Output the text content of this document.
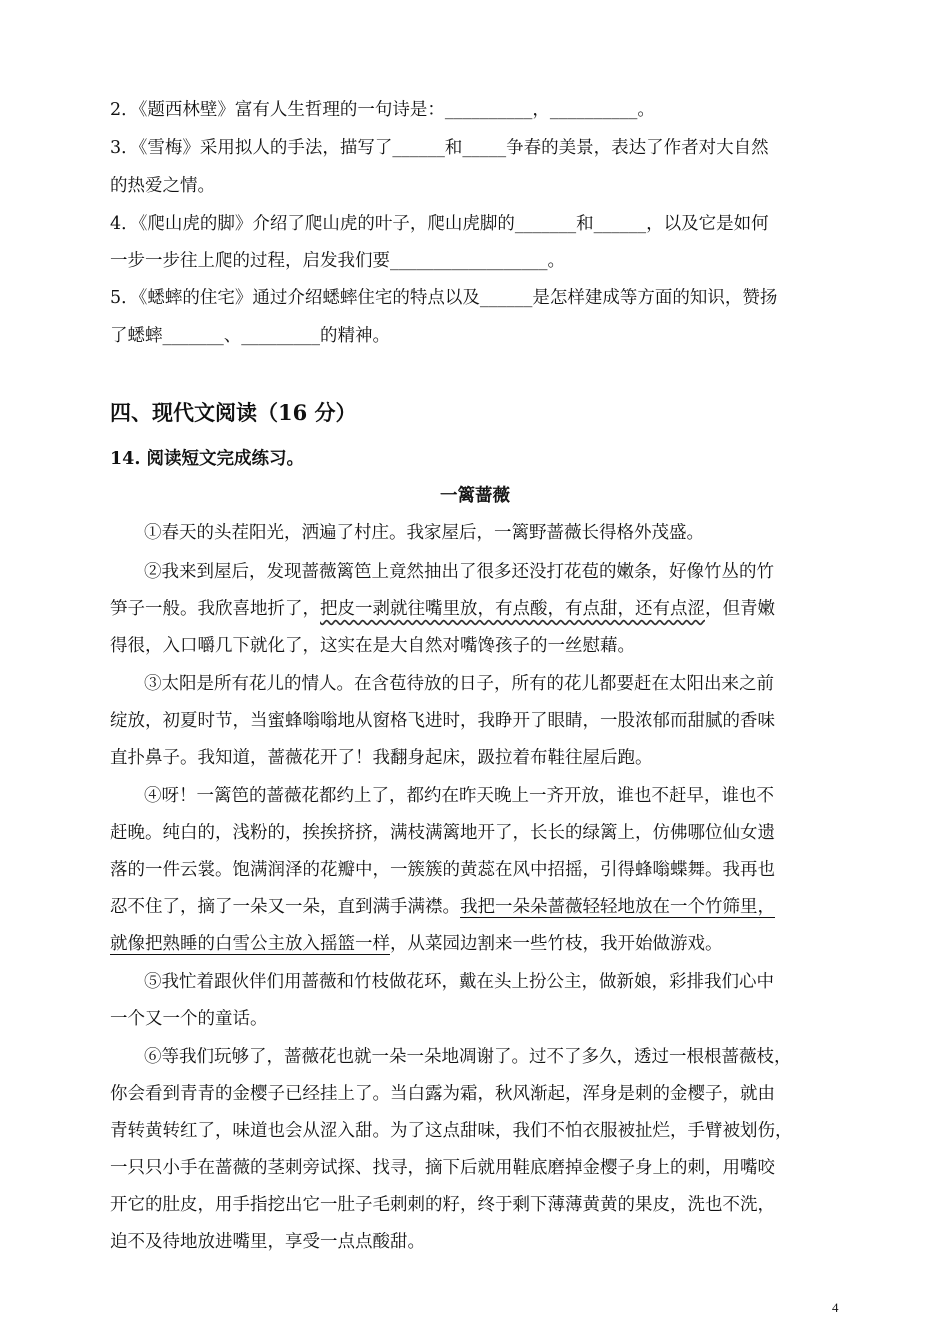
2．《题西林壁》富有人生哲理的一句诗是：__________，__________。
3．《雪梅》采用拟人的手法，描写了______和_____争春的美景，表达了作者对大自然
的热爱之情。
4．《爬山虎的脚》介绍了爬山虎的叶子，爬山虎脚的_______和______，以及它是如何
一步一步往上爬的过程，启发我们要__________________。
5．《蟋蟀的住宅》通过介绍蟋蟀住宅的特点以及______是怎样建成等方面的知识，赞扬
了蟋蟀_______、_________的精神。
四、现代文阅读（16 分）
14. 阅读短文完成练习。
一篱蔷薇
①春天的头茬阳光，洒遍了村庄。我家屋后，一篱野蔷薇长得格外茂盛。
②我来到屋后，发现蔷薇篱笆上竟然抽出了很多还没打花苞的嫩条，好像竹丛的竹
笋子一般。我欣喜地折了，把皮一剥就往嘴里放，有点酸，有点甜，还有点涩，但青嫩
得很，入口嚼几下就化了，这实在是大自然对嘴馋孩子的一丝慰藉。
③太阳是所有花儿的情人。在含苞待放的日子，所有的花儿都要赶在太阳出来之前
绽放，初夏时节，当蜜蜂嗡嗡地从窗格飞进时，我睁开了眼睛，一股浓郁而甜腻的香味
直扑鼻子。我知道，蔷薇花开了！我翻身起床，趿拉着布鞋往屋后跑。
④呀！一篱笆的蔷薇花都约上了，都约在昨天晚上一齐开放，谁也不赶早，谁也不
赶晚。纯白的，浅粉的，挨挨挤挤，满枝满篱地开了，长长的绿篱上，仿佛哪位仙女遗
落的一件云裳。饱满润泽的花瓣中，一簇簇的黄蕊在风中招摇，引得蜂嗡蝶舞。我再也
忍不住了，摘了一朵又一朵，直到满手满襟。我把一朵朵蔷薇轻轻地放在一个竹筛里，
就像把熟睡的白雪公主放入摇篮一样，从菜园边割来一些竹枝，我开始做游戏。
⑤我忙着跟伙伴们用蔷薇和竹枝做花环，戴在头上扮公主，做新娘，彩排我们心中
一个又一个的童话。
⑥等我们玩够了，蔷薇花也就一朵一朵地凋谢了。过不了多久，透过一根根蔷薇枝，
你会看到青青的金樱子已经挂上了。当白露为霜，秋风渐起，浑身是刺的金樱子，就由
青转黄转红了，味道也会从涩入甜。为了这点甜味，我们不怕衣服被扯烂，手臂被划伤，
一只只小手在蔷薇的茎刺旁试探、找寻，摘下后就用鞋底磨掉金樱子身上的刺，用嘴咬
开它的肚皮，用手指挖出它一肚子毛刺刺的籽，终于剩下薄薄黄黄的果皮，洗也不洗，
迫不及待地放进嘴里，享受一点点酸甜。
4
